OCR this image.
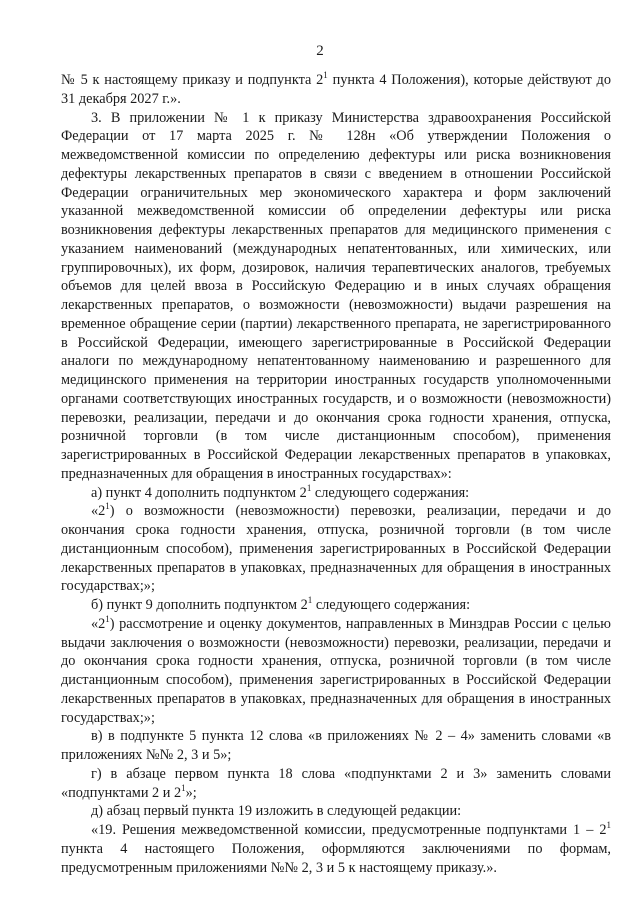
2

№ 5 к настоящему приказу и подпункта $2^1$ пункта 4 Положения), которые действуют до 31 декабря 2027 г.».

3. В приложении № 1 к приказу Министерства здравоохранения Российской Федерации от 17 марта 2025 г. № 128н «Об утверждении Положения о межведомственной комиссии по определению дефектуры или риска возникновения дефектуры лекарственных препаратов в связи с введением в отношении Российской Федерации ограничительных мер экономического характера и форм заключений указанной межведомственной комиссии об определении дефектуры или риска возникновения дефектуры лекарственных препаратов для медицинского применения с указанием наименований (международных непатентованных, или химических, или группировочных), их форм, дозировок, наличия терапевтических аналогов, требуемых объемов для целей ввоза в Российскую Федерацию и в иных случаях обращения лекарственных препаратов, о возможности (невозможности) выдачи разрешения на временное обращение серии (партии) лекарственного препарата, не зарегистрированного в Российской Федерации, имеющего зарегистрированные в Российской Федерации аналоги по международному непатентованному наименованию и разрешенного для медицинского применения на территории иностранных государств уполномоченными органами соответствующих иностранных государств, и о возможности (невозможности) перевозки, реализации, передачи и до окончания срока годности хранения, отпуска, розничной торговли (в том числе дистанционным способом), применения зарегистрированных в Российской Федерации лекарственных препаратов в упаковках, предназначенных для обращения в иностранных государствах»:

а) пункт 4 дополнить подпунктом $2^1$ следующего содержания:

«$2^1$) о возможности (невозможности) перевозки, реализации, передачи и до окончания срока годности хранения, отпуска, розничной торговли (в том числе дистанционным способом), применения зарегистрированных в Российской Федерации лекарственных препаратов в упаковках, предназначенных для обращения в иностранных государствах;»;

б) пункт 9 дополнить подпунктом $2^1$ следующего содержания:

«$2^1$) рассмотрение и оценку документов, направленных в Минздрав России с целью выдачи заключения о возможности (невозможности) перевозки, реализации, передачи и до окончания срока годности хранения, отпуска, розничной торговли (в том числе дистанционным способом), применения зарегистрированных в Российской Федерации лекарственных препаратов в упаковках, предназначенных для обращения в иностранных государствах;»;

в) в подпункте 5 пункта 12 слова «в приложениях № 2 – 4» заменить словами «в приложениях №№ 2, 3 и 5»;

г) в абзаце первом пункта 18 слова «подпунктами 2 и 3» заменить словами «подпунктами 2 и $2^1$»;

д) абзац первый пункта 19 изложить в следующей редакции:

«19. Решения межведомственной комиссии, предусмотренные подпунктами $1 - 2^1$ пункта 4 настоящего Положения, оформляются заключениями по формам, предусмотренным приложениями №№ 2, 3 и 5 к настоящему приказу.».
